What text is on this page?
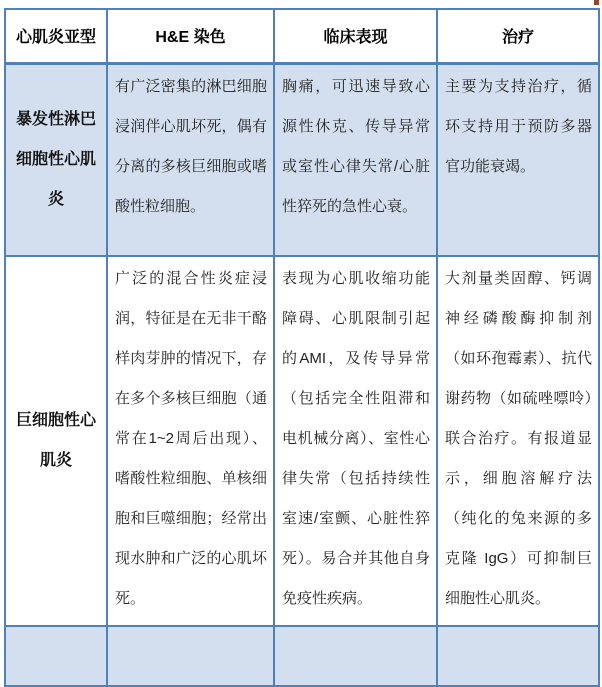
心肌炎亚型	H&E 染色	临床表现	治疗
暴发性淋巴细胞性心肌炎	有广泛密集的淋巴细胞浸润伴心肌坏死，偶有分离的多核巨细胞或嗜酸性粒细胞。	胸痛，可迅速导致心源性休克、传导异常或室性心律失常/心脏性猝死的急性心衰。	主要为支持治疗，循环支持用于预防多器官功能衰竭。
巨细胞性心肌炎	广泛的混合性炎症浸润，特征是在无非干酪样肉芽肿的情况下，存在多个多核巨细胞（通常在1~2周后出现）、嗜酸性粒细胞、单核细胞和巨噬细胞；经常出现水肿和广泛的心肌坏死。	表现为心肌收缩功能障碍、心肌限制引起的AMI，及传导异常（包括完全性阻滞和电机械分离）、室性心律失常（包括持续性室速/室颤、心脏性猝死）。易合并其他自身免疫性疾病。	大剂量类固醇、钙调神经磷酸酶抑制剂（如环孢霉素）、抗代谢药物（如硫唑嘌呤）联合治疗。有报道显示，细胞溶解疗法（纯化的兔来源的多克隆 IgG）可抑制巨细胞性心肌炎。
